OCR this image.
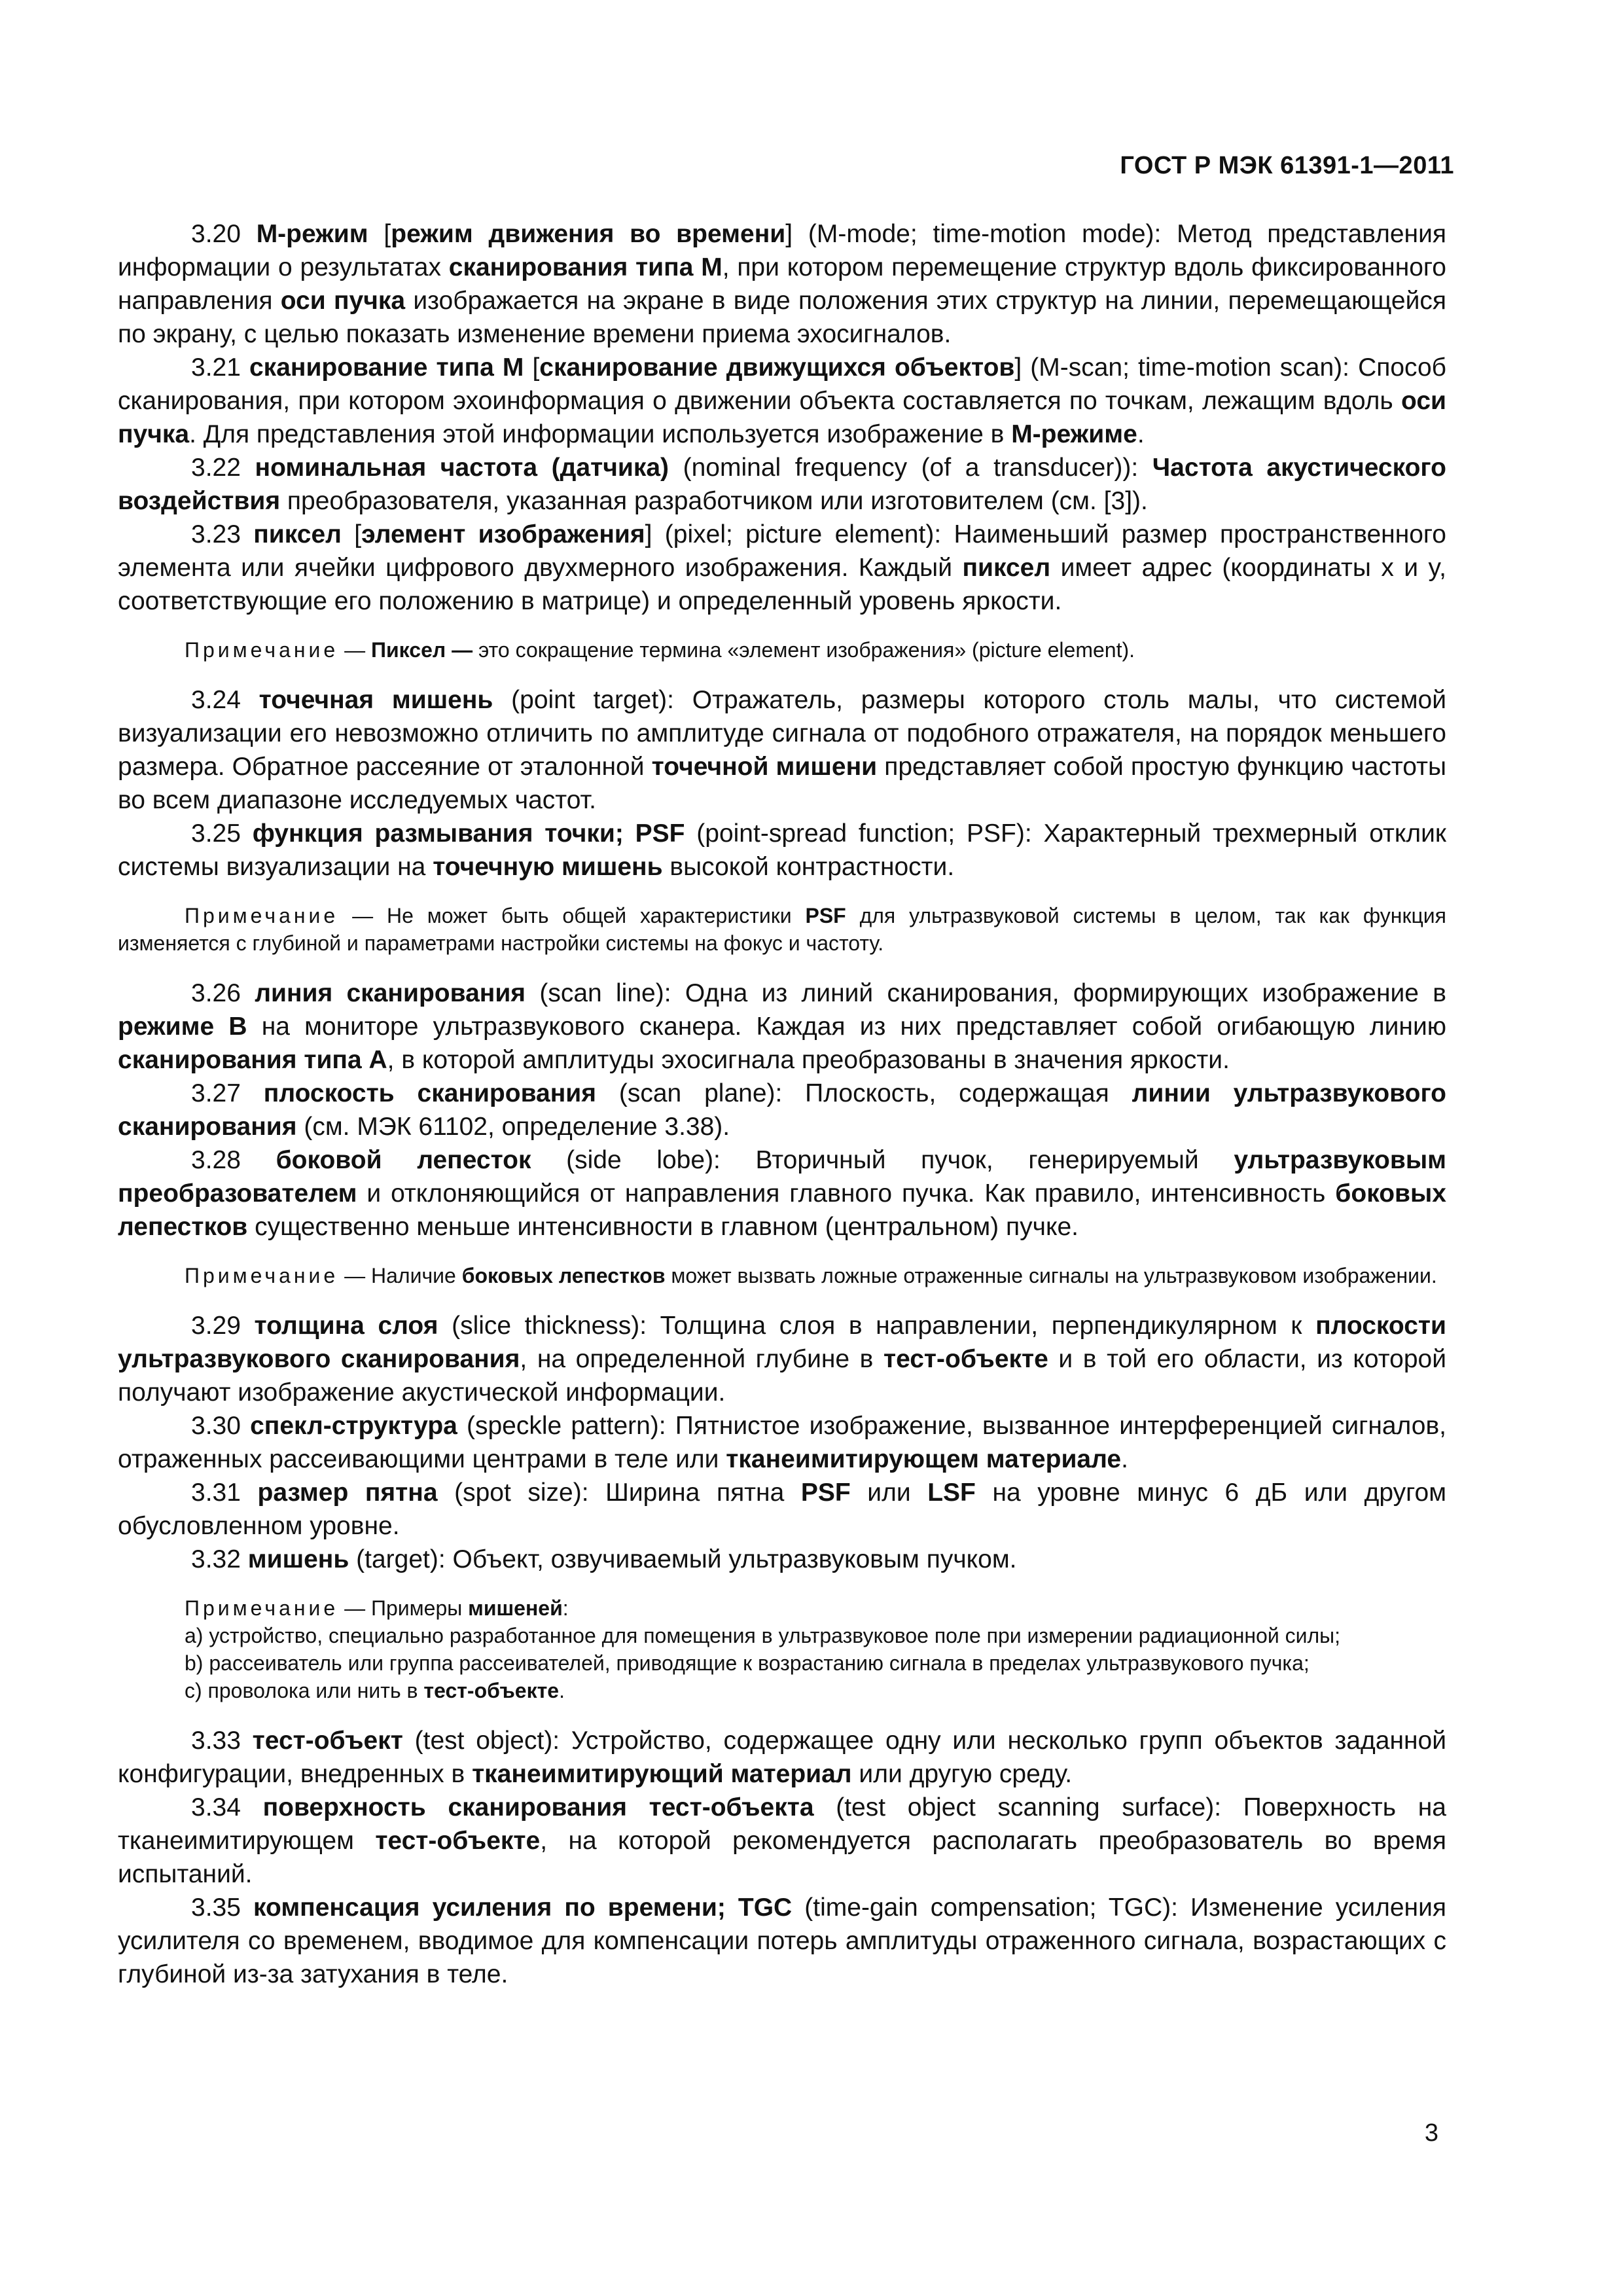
ГОСТ Р МЭК 61391-1—2011

3.20 М-режим [режим движения во времени] (M-mode; time-motion mode): Метод представления информации о результатах сканирования типа М, при котором перемещение структур вдоль фиксированного направления оси пучка изображается на экране в виде положения этих структур на линии, перемещающейся по экрану, с целью показать изменение времени приема эхосигналов.

3.21 сканирование типа М [сканирование движущихся объектов] (M-scan; time-motion scan): Способ сканирования, при котором эхоинформация о движении объекта составляется по точкам, лежащим вдоль оси пучка. Для представления этой информации используется изображение в М-режиме.

3.22 номинальная частота (датчика) (nominal frequency (of a transducer)): Частота акустического воздействия преобразователя, указанная разработчиком или изготовителем (см. [3]).

3.23 пиксел [элемент изображения] (pixel; picture element): Наименьший размер пространственного элемента или ячейки цифрового двухмерного изображения. Каждый пиксел имеет адрес (координаты x и y, соответствующие его положению в матрице) и определенный уровень яркости.

Примечание — Пиксел — это сокращение термина «элемент изображения» (picture element).

3.24 точечная мишень (point target): Отражатель, размеры которого столь малы, что системой визуализации его невозможно отличить по амплитуде сигнала от подобного отражателя, на порядок меньшего размера. Обратное рассеяние от эталонной точечной мишени представляет собой простую функцию частоты во всем диапазоне исследуемых частот.

3.25 функция размывания точки; PSF (point-spread function; PSF): Характерный трехмерный отклик системы визуализации на точечную мишень высокой контрастности.

Примечание — Не может быть общей характеристики PSF для ультразвуковой системы в целом, так как функция изменяется с глубиной и параметрами настройки системы на фокус и частоту.

3.26 линия сканирования (scan line): Одна из линий сканирования, формирующих изображение в режиме В на мониторе ультразвукового сканера. Каждая из них представляет собой огибающую линию сканирования типа А, в которой амплитуды эхосигнала преобразованы в значения яркости.

3.27 плоскость сканирования (scan plane): Плоскость, содержащая линии ультразвукового сканирования (см. МЭК 61102, определение 3.38).

3.28 боковой лепесток (side lobe): Вторичный пучок, генерируемый ультразвуковым преобразователем и отклоняющийся от направления главного пучка. Как правило, интенсивность боковых лепестков существенно меньше интенсивности в главном (центральном) пучке.

Примечание — Наличие боковых лепестков может вызвать ложные отраженные сигналы на ультразвуковом изображении.

3.29 толщина слоя (slice thickness): Толщина слоя в направлении, перпендикулярном к плоскости ультразвукового сканирования, на определенной глубине в тест-объекте и в той его области, из которой получают изображение акустической информации.

3.30 спекл-структура (speckle pattern): Пятнистое изображение, вызванное интерференцией сигналов, отраженных рассеивающими центрами в теле или тканеимитирующем материале.

3.31 размер пятна (spot size): Ширина пятна PSF или LSF на уровне минус 6 дБ или другом обусловленном уровне.

3.32 мишень (target): Объект, озвучиваемый ультразвуковым пучком.

Примечание — Примеры мишеней:

a) устройство, специально разработанное для помещения в ультразвуковое поле при измерении радиационной силы;

b) рассеиватель или группа рассеивателей, приводящие к возрастанию сигнала в пределах ультразвукового пучка;

c) проволока или нить в тест-объекте.

3.33 тест-объект (test object): Устройство, содержащее одну или несколько групп объектов заданной конфигурации, внедренных в тканеимитирующий материал или другую среду.

3.34 поверхность сканирования тест-объекта (test object scanning surface): Поверхность на тканеимитирующем тест-объекте, на которой рекомендуется располагать преобразователь во время испытаний.

3.35 компенсация усиления по времени; TGC (time-gain compensation; TGC): Изменение усиления усилителя со временем, вводимое для компенсации потерь амплитуды отраженного сигнала, возрастающих с глубиной из-за затухания в теле.

3
